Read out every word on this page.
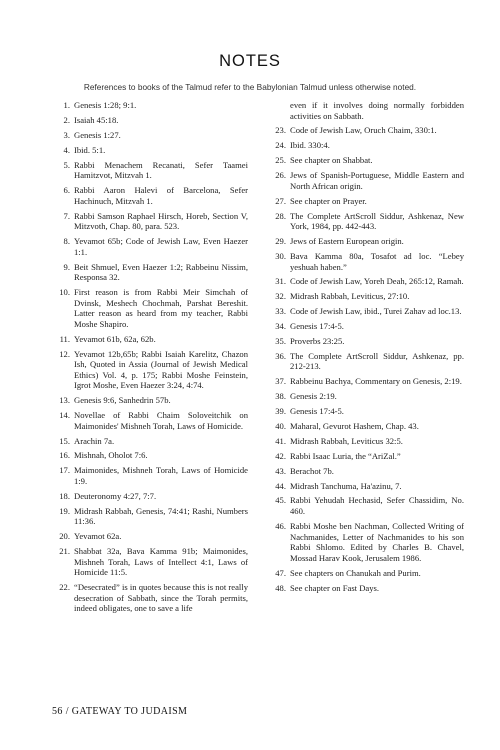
NOTES
References to books of the Talmud refer to the Babylonian Talmud unless otherwise noted.
1. Genesis 1:28; 9:1.
2. Isaiah 45:18.
3. Genesis 1:27.
4. Ibid. 5:1.
5. Rabbi Menachem Recanati, Sefer Taamei Hamitzvot, Mitzvah 1.
6. Rabbi Aaron Halevi of Barcelona, Sefer Hachinuch, Mitzvah 1.
7. Rabbi Samson Raphael Hirsch, Horeb, Section V, Mitzvoth, Chap. 80, para. 523.
8. Yevamot 65b; Code of Jewish Law, Even Haezer 1:1.
9. Beit Shmuel, Even Haezer 1:2; Rabbeinu Nissim, Responsa 32.
10. First reason is from Rabbi Meir Simchah of Dvinsk, Meshech Chochmah, Parshat Bereshit. Latter reason as heard from my teacher, Rabbi Moshe Shapiro.
11. Yevamot 61b, 62a, 62b.
12. Yevamot 12b,65b; Rabbi Isaiah Karelitz, Chazon Ish, Quoted in Assia (Journal of Jewish Medical Ethics) Vol. 4, p. 175; Rabbi Moshe Feinstein, Igrot Moshe, Even Haezer 3:24, 4:74.
13. Genesis 9:6, Sanhedrin 57b.
14. Novellae of Rabbi Chaim Soloveitchik on Maimonides' Mishneh Torah, Laws of Homicide.
15. Arachin 7a.
16. Mishnah, Oholot 7:6.
17. Maimonides, Mishneh Torah, Laws of Homicide 1:9.
18. Deuteronomy 4:27, 7:7.
19. Midrash Rabbah, Genesis, 74:41; Rashi, Numbers 11:36.
20. Yevamot 62a.
21. Shabbat 32a, Bava Kamma 91b; Maimonides, Mishneh Torah, Laws of Intellect 4:1, Laws of Homicide 11:5.
22. “Desecrated” is in quotes because this is not really desecration of Sabbath, since the Torah permits, indeed obligates, one to save a life
even if it involves doing normally forbidden activities on Sabbath.
23. Code of Jewish Law, Oruch Chaim, 330:1.
24. Ibid. 330:4.
25. See chapter on Shabbat.
26. Jews of Spanish-Portuguese, Middle Eastern and North African origin.
27. See chapter on Prayer.
28. The Complete ArtScroll Siddur, Ashkenaz, New York, 1984, pp. 442-443.
29. Jews of Eastern European origin.
30. Bava Kamma 80a, Tosafot ad loc. “Lebey yeshuah haben.”
31. Code of Jewish Law, Yoreh Deah, 265:12, Ramah.
32. Midrash Rabbah, Leviticus, 27:10.
33. Code of Jewish Law, ibid., Turei Zahav ad loc.13.
34. Genesis 17:4-5.
35. Proverbs 23:25.
36. The Complete ArtScroll Siddur, Ashkenaz, pp. 212-213.
37. Rabbeinu Bachya, Commentary on Genesis, 2:19.
38. Genesis 2:19.
39. Genesis 17:4-5.
40. Maharal, Gevurot Hashem, Chap. 43.
41. Midrash Rabbah, Leviticus 32:5.
42. Rabbi Isaac Luria, the “AriZal.”
43. Berachot 7b.
44. Midrash Tanchuma, Ha'azinu, 7.
45. Rabbi Yehudah Hechasid, Sefer Chassidim, No. 460.
46. Rabbi Moshe ben Nachman, Collected Writing of Nachmanides, Letter of Nachmanides to his son Rabbi Shlomo. Edited by Charles B. Chavel, Mossad Harav Kook, Jerusalem 1986.
47. See chapters on Chanukah and Purim.
48. See chapter on Fast Days.
56 / GATEWAY TO JUDAISM
